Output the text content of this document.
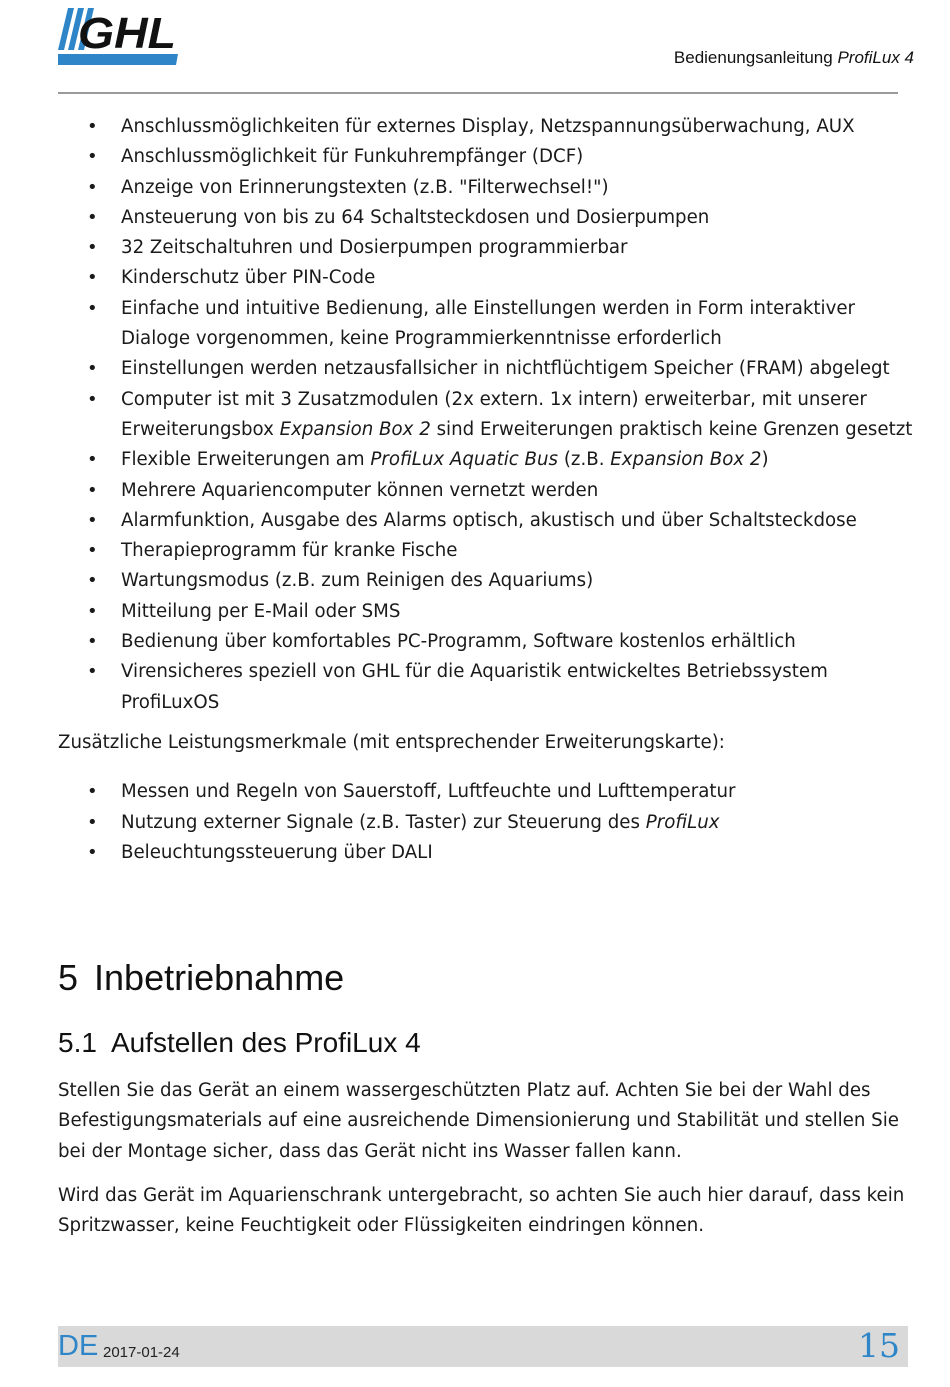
GHL	Bedienungsanleitung ProfiLux 4
• Anschlussmöglichkeiten für externes Display, Netzspannungsüberwachung, AUX
• Anschlussmöglichkeit für Funkuhrempfänger (DCF)
• Anzeige von Erinnerungstexten (z.B. "Filterwechsel!")
• Ansteuerung von bis zu 64 Schaltsteckdosen und Dosierpumpen
• 32 Zeitschaltuhren und Dosierpumpen programmierbar
• Kinderschutz über PIN-Code
• Einfache und intuitive Bedienung, alle Einstellungen werden in Form interaktiver
Dialoge vorgenommen, keine Programmierkenntnisse erforderlich
• Einstellungen werden netzausfallsicher in nichtflüchtigem Speicher (FRAM) abgelegt
• Computer ist mit 3 Zusatzmodulen (2x extern. 1x intern) erweiterbar, mit unserer
Erweiterungsbox Expansion Box 2 sind Erweiterungen praktisch keine Grenzen gesetzt
• Flexible Erweiterungen am ProfiLux Aquatic Bus (z.B. Expansion Box 2)
• Mehrere Aquariencomputer können vernetzt werden
• Alarmfunktion, Ausgabe des Alarms optisch, akustisch und über Schaltsteckdose
• Therapieprogramm für kranke Fische
• Wartungsmodus (z.B. zum Reinigen des Aquariums)
• Mitteilung per E-Mail oder SMS
• Bedienung über komfortables PC-Programm, Software kostenlos erhältlich
• Virensicheres speziell von GHL für die Aquaristik entwickeltes Betriebssystem
ProfiLuxOS

Zusätzliche Leistungsmerkmale (mit entsprechender Erweiterungskarte):

• Messen und Regeln von Sauerstoff, Luftfeuchte und Lufttemperatur
• Nutzung externer Signale (z.B. Taster) zur Steuerung des ProfiLux
• Beleuchtungssteuerung über DALI
5 Inbetriebnahme
5.1 Aufstellen des ProfiLux 4

Stellen Sie das Gerät an einem wassergeschützten Platz auf. Achten Sie bei der Wahl des
Befestigungsmaterials auf eine ausreichende Dimensionierung und Stabilität und stellen Sie
bei der Montage sicher, dass das Gerät nicht ins Wasser fallen kann.

Wird das Gerät im Aquarienschrank untergebracht, so achten Sie auch hier darauf, dass kein
Spritzwasser, keine Feuchtigkeit oder Flüssigkeiten eindringen können.

DE 2017-01-24	15
